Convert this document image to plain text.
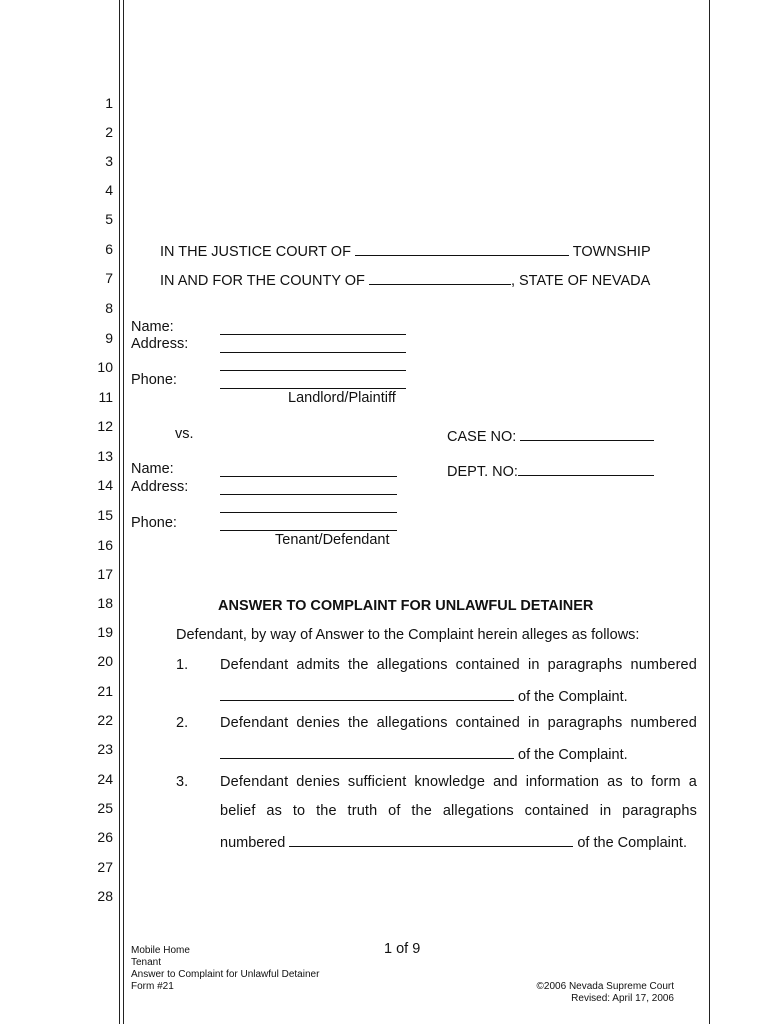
1
2
3
4
5
6
7
8
9
10
11
12
13
14
15
16
17
18
19
20
21
22
23
24
25
26
27
28
IN THE JUSTICE COURT OF	TOWNSHIP
IN AND FOR THE COUNTY OF	, STATE OF NEVADA
Name:
Address:
Phone:
Landlord/Plaintiff
vs.	CASE NO:
DEPT. NO:
Name:
Address:
Phone:
Tenant/Defendant
ANSWER TO COMPLAINT FOR UNLAWFUL DETAINER
Defendant, by way of Answer to the Complaint herein alleges as follows:
1. Defendant admits the allegations contained in paragraphs numbered
of the Complaint.
2. Defendant denies the allegations contained in paragraphs numbered
of the Complaint.
3. Defendant denies sufficient knowledge and information as to form a
belief as to the truth of the allegations contained in paragraphs
numbered	of the Complaint.
1 of 9
Mobile Home
Tenant
Answer to Complaint for Unlawful Detainer
Form #21	©2006 Nevada Supreme Court
Revised: April 17, 2006
